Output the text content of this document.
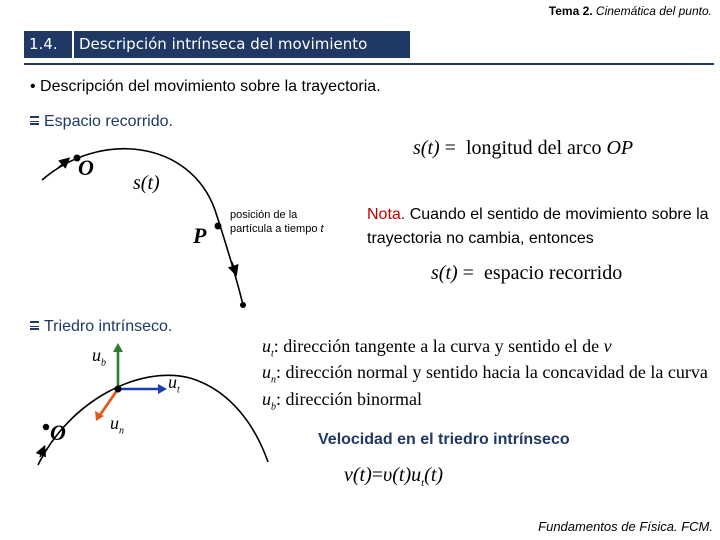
Tema 2. Cinemática del punto.
1.4.	Descripción intrínseca del movimiento
• Descripción del movimiento sobre la trayectoria.
Espacio recorrido.
O
s(t)
P
posición de la
partícula a tiempo t
s(t) = longitud del arco OP
Nota. Cuando el sentido de movimiento sobre la trayectoria no cambia, entonces
s(t) = espacio recorrido
Triedro intrínseco.
$u_b$
$u_t$
$u_n$
O
$u_t$: dirección tangente a la curva y sentido el de v
$u_n$: dirección normal y sentido hacia la concavidad de la curva
$u_b$: dirección binormal
Velocidad en el triedro intrínseco
$v(t)=\upsilon(t)u_t(t)$
Fundamentos de Física. FCM.
